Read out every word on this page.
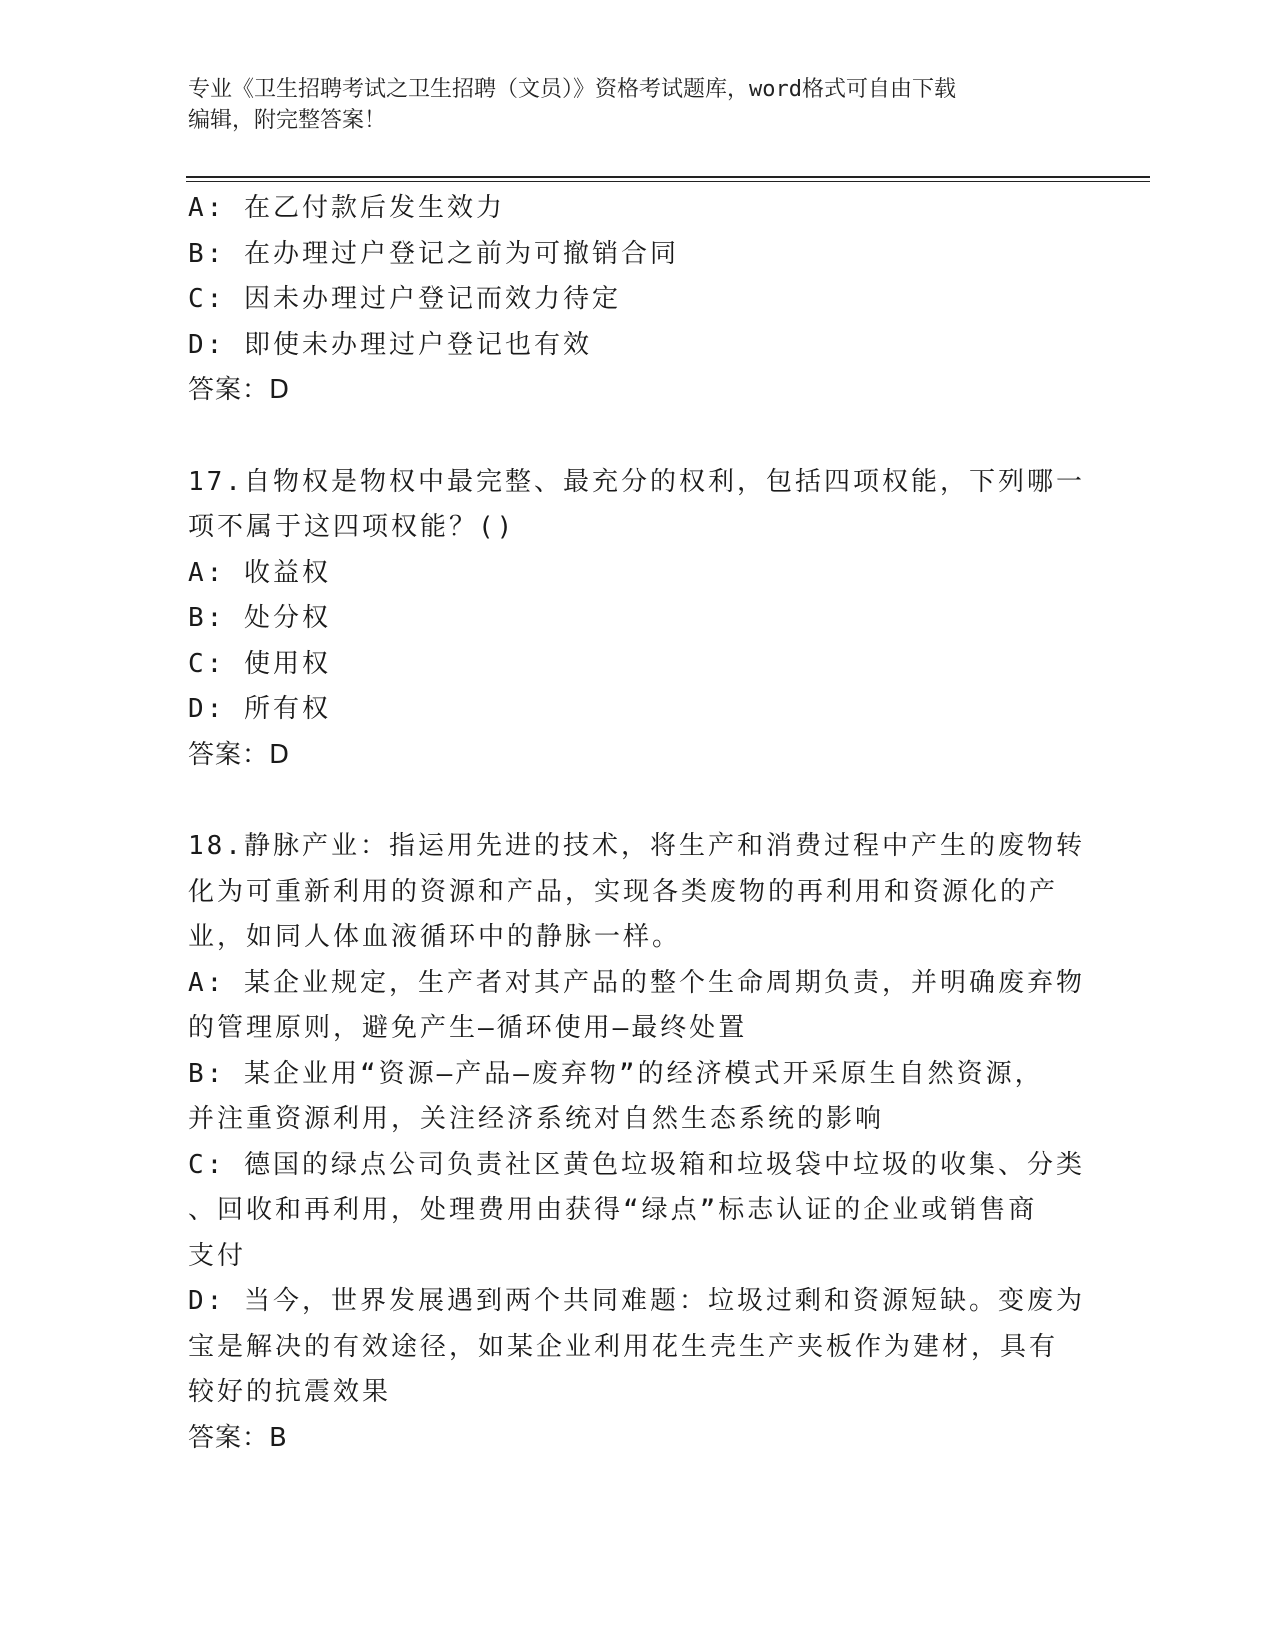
专业《卫生招聘考试之卫生招聘（文员）》资格考试题库，word格式可自由下载
编辑，附完整答案！
A: 在乙付款后发生效力
B: 在办理过户登记之前为可撤销合同
C: 因未办理过户登记而效力待定
D: 即使未办理过户登记也有效
答案：D
17.自物权是物权中最完整、最充分的权利，包括四项权能，下列哪一
项不属于这四项权能？()
A: 收益权
B: 处分权
C: 使用权
D: 所有权
答案：D
18.静脉产业：指运用先进的技术，将生产和消费过程中产生的废物转
化为可重新利用的资源和产品，实现各类废物的再利用和资源化的产
业，如同人体血液循环中的静脉一样。
A: 某企业规定，生产者对其产品的整个生命周期负责，并明确废弃物
的管理原则，避免产生—循环使用—最终处置
B: 某企业用“资源—产品—废弃物”的经济模式开采原生自然资源，
并注重资源利用，关注经济系统对自然生态系统的影响
C: 德国的绿点公司负责社区黄色垃圾箱和垃圾袋中垃圾的收集、分类
、回收和再利用，处理费用由获得“绿点”标志认证的企业或销售商
支付
D: 当今，世界发展遇到两个共同难题：垃圾过剩和资源短缺。变废为
宝是解决的有效途径，如某企业利用花生壳生产夹板作为建材，具有
较好的抗震效果
答案：B
